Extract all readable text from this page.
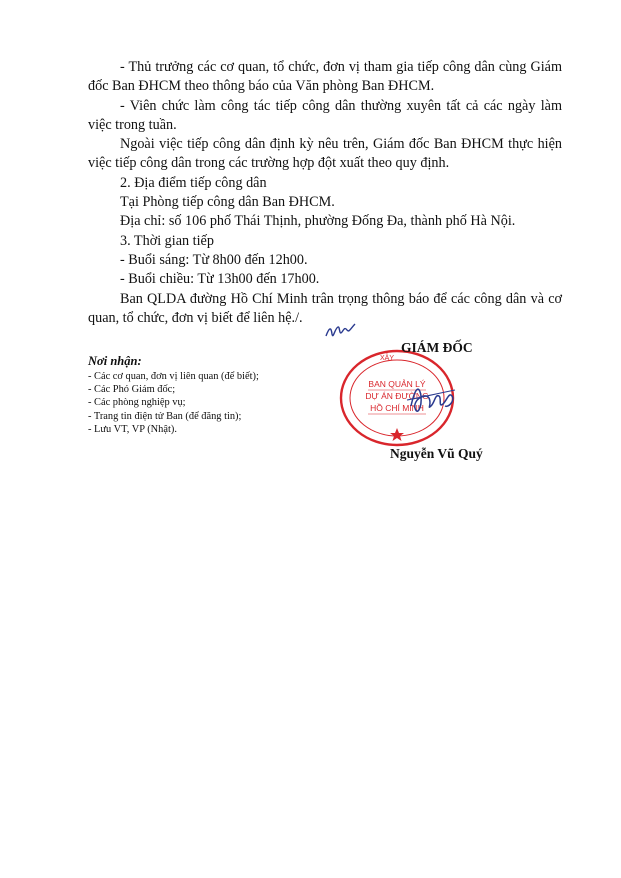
- Thủ trưởng các cơ quan, tổ chức, đơn vị tham gia tiếp công dân cùng Giám đốc Ban ĐHCM theo thông báo của Văn phòng Ban ĐHCM.

- Viên chức làm công tác tiếp công dân thường xuyên tất cả các ngày làm việc trong tuần.

Ngoài việc tiếp công dân định kỳ nêu trên, Giám đốc Ban ĐHCM thực hiện việc tiếp công dân trong các trường hợp đột xuất theo quy định.

2. Địa điểm tiếp công dân

Tại Phòng tiếp công dân Ban ĐHCM.

Địa chỉ: số 106 phố Thái Thịnh, phường Đống Đa, thành phố Hà Nội.

3. Thời gian tiếp

- Buổi sáng: Từ 8h00 đến 12h00.

- Buổi chiều: Từ 13h00 đến 17h00.

Ban QLDA đường Hồ Chí Minh trân trọng thông báo để các công dân và cơ quan, tổ chức, đơn vị biết để liên hệ./.

Nơi nhận:
- Các cơ quan, đơn vị liên quan (để biết);
- Các Phó Giám đốc;
- Các phòng nghiệp vụ;
- Trang tin điện tử Ban (để đăng tin);
- Lưu VT, VP (Nhật).
XÂY
BAN QUẢN LÝ
DỰ ÁN ĐƯỜNG
HỒ CHÍ MINH
GIÁM ĐỐC
Nguyễn Vũ Quý
